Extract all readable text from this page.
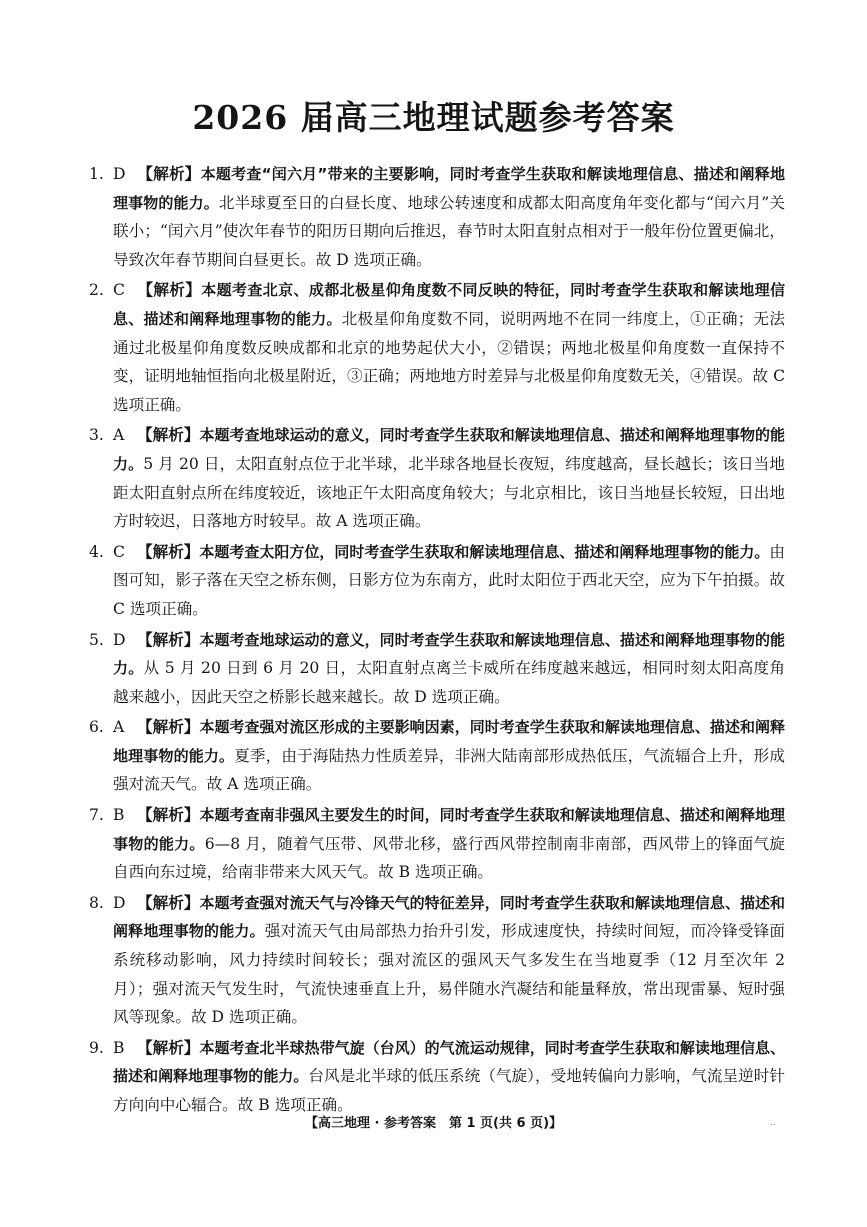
2026 届高三地理试题参考答案
1. D 【解析】本题考查“闰六月”带来的主要影响，同时考查学生获取和解读地理信息、描述和阐释地理事物的能力。北半球夏至日的白昼长度、地球公转速度和成都太阳高度角年变化都与“闰六月”关联小；“闰六月”使次年春节的阳历日期向后推迟，春节时太阳直射点相对于一般年份位置更偏北，导致次年春节期间白昼更长。故 D 选项正确。
2. C 【解析】本题考查北京、成都北极星仰角度数不同反映的特征，同时考查学生获取和解读地理信息、描述和阐释地理事物的能力。北极星仰角度数不同，说明两地不在同一纬度上，①正确；无法通过北极星仰角度数反映成都和北京的地势起伏大小，②错误；两地北极星仰角度数一直保持不变，证明地轴恒指向北极星附近，③正确；两地地方时差异与北极星仰角度数无关，④错误。故 C 选项正确。
3. A 【解析】本题考查地球运动的意义，同时考查学生获取和解读地理信息、描述和阐释地理事物的能力。5 月 20 日，太阳直射点位于北半球，北半球各地昼长夜短，纬度越高，昼长越长；该日当地距太阳直射点所在纬度较近，该地正午太阳高度角较大；与北京相比，该日当地昼长较短，日出地方时较迟，日落地方时较早。故 A 选项正确。
4. C 【解析】本题考查太阳方位，同时考查学生获取和解读地理信息、描述和阐释地理事物的能力。由图可知，影子落在天空之桥东侧，日影方位为东南方，此时太阳位于西北天空，应为下午拍摄。故 C 选项正确。
5. D 【解析】本题考查地球运动的意义，同时考查学生获取和解读地理信息、描述和阐释地理事物的能力。从 5 月 20 日到 6 月 20 日，太阳直射点离兰卡威所在纬度越来越远，相同时刻太阳高度角越来越小，因此天空之桥影长越来越长。故 D 选项正确。
6. A 【解析】本题考查强对流区形成的主要影响因素，同时考查学生获取和解读地理信息、描述和阐释地理事物的能力。夏季，由于海陆热力性质差异，非洲大陆南部形成热低压，气流辐合上升，形成强对流天气。故 A 选项正确。
7. B 【解析】本题考查南非强风主要发生的时间，同时考查学生获取和解读地理信息、描述和阐释地理事物的能力。6—8 月，随着气压带、风带北移，盛行西风带控制南非南部，西风带上的锋面气旋自西向东过境，给南非带来大风天气。故 B 选项正确。
8. D 【解析】本题考查强对流天气与冷锋天气的特征差异，同时考查学生获取和解读地理信息、描述和阐释地理事物的能力。强对流天气由局部热力抬升引发，形成速度快，持续时间短，而冷锋受锋面系统移动影响，风力持续时间较长；强对流区的强风天气多发生在当地夏季（12 月至次年 2 月）；强对流天气发生时，气流快速垂直上升，易伴随水汽凝结和能量释放，常出现雷暴、短时强风等现象。故 D 选项正确。
9. B 【解析】本题考查北半球热带气旋（台风）的气流运动规律，同时考查学生获取和解读地理信息、描述和阐释地理事物的能力。台风是北半球的低压系统（气旋），受地转偏向力影响，气流呈逆时针方向向中心辐合。故 B 选项正确。
【高三地理 · 参考答案　第 1 页(共 6 页)】	..
